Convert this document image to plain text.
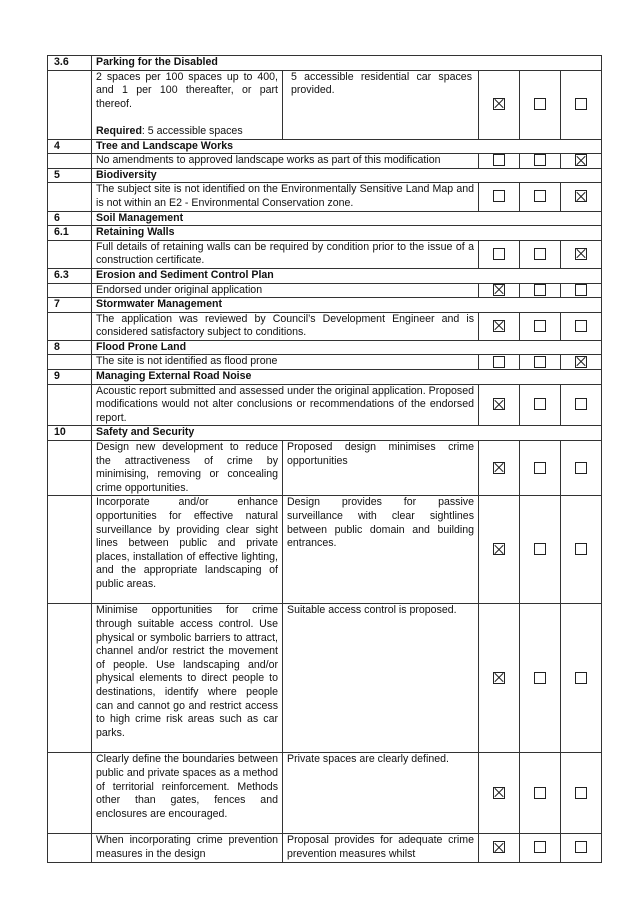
3.6	Parking for the Disabled				

	2 spaces per 100 spaces up to 400, and 1 per 100 thereafter, or part thereof.
Required: 5 accessible spaces	5 accessible residential car spaces provided.			

4	Tree and Landscape Works				
	No amendments to approved landscape works as part of this modification				
5	Biodiversity				
	The subject site is not identified on the Environmentally Sensitive Land Map and is not within an E2 - Environmental Conservation zone.				
6	Soil Management				
6.1	Retaining Walls				
	Full details of retaining walls can be required by condition prior to the issue of a construction certificate.				
6.3	Erosion and Sediment Control Plan				
	Endorsed under original application				
7	Stormwater Management				
	The application was reviewed by Council’s Development Engineer and is considered satisfactory subject to conditions.				
8	Flood Prone Land				
	The site is not identified as flood prone				
9	Managing External Road Noise				
	Acoustic report submitted and assessed under the original application. Proposed modifications would not alter conclusions or recommendations of the endorsed report.				
10	Safety and Security				
	Design new development to reduce the attractiveness of crime by minimising, removing or concealing crime opportunities.	Proposed design minimises crime opportunities			
	Incorporate and/or enhance opportunities for effective natural surveillance by providing clear sight lines between public and private places, installation of effective lighting, and the appropriate landscaping of public areas.	Design provides for passive surveillance with clear sightlines between public domain and building entrances.			
	Minimise opportunities for crime through suitable access control. Use physical or symbolic barriers to attract, channel and/or restrict the movement of people. Use landscaping and/or physical elements to direct people to destinations, identify where people can and cannot go and restrict access to high crime risk areas such as car parks.	Suitable access control is proposed.			
	Clearly define the boundaries between public and private spaces as a method of territorial reinforcement. Methods other than gates, fences and enclosures are encouraged.	Private spaces are clearly defined.			
	When incorporating crime prevention measures in the design	Proposal provides for adequate crime prevention measures whilst			
